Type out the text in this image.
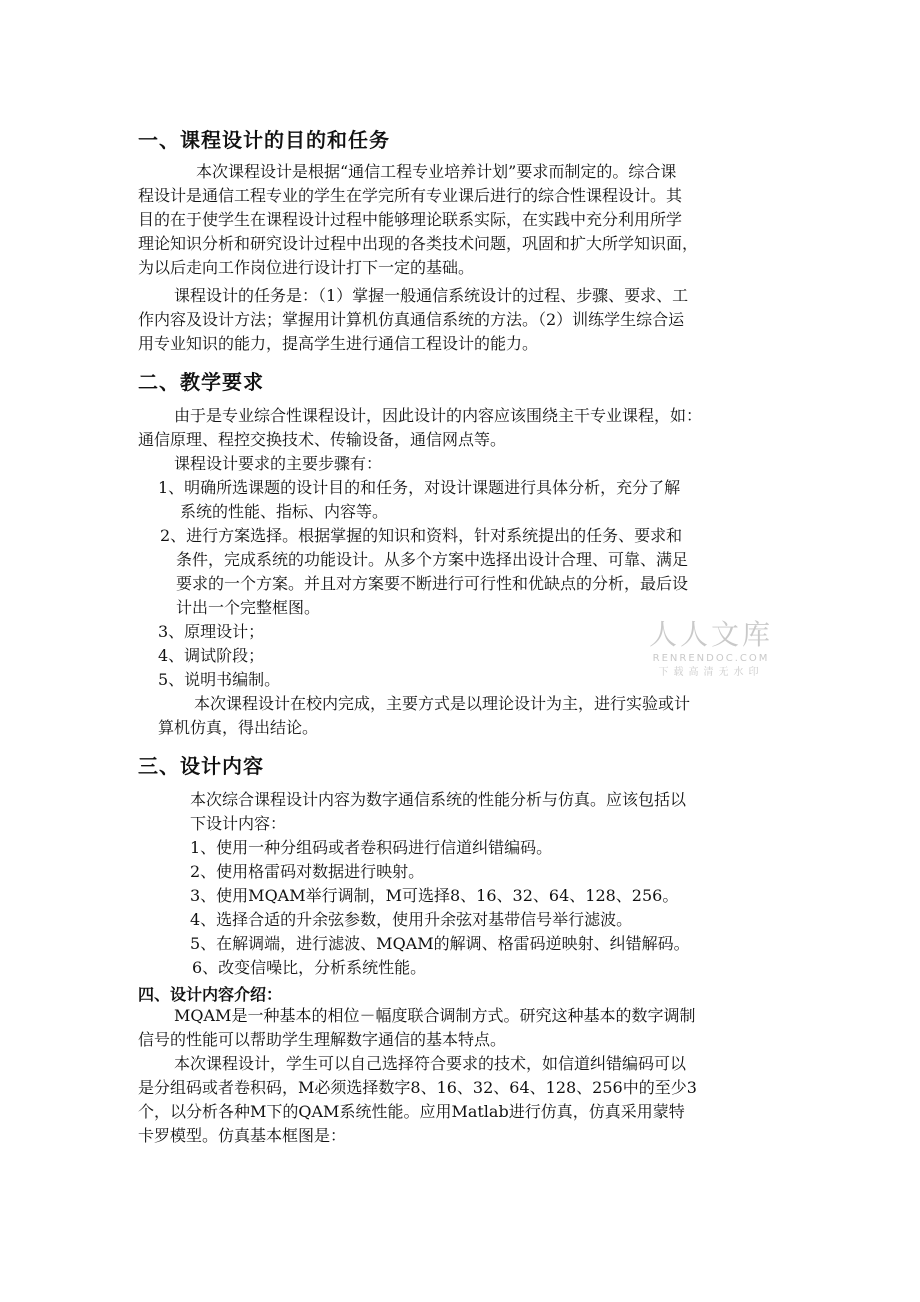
一、课程设计的目的和任务
本次课程设计是根据“通信工程专业培养计划”要求而制定的。综合课
程设计是通信工程专业的学生在学完所有专业课后进行的综合性课程设计。其
目的在于使学生在课程设计过程中能够理论联系实际，在实践中充分利用所学
理论知识分析和研究设计过程中出现的各类技术问题，巩固和扩大所学知识面，
为以后走向工作岗位进行设计打下一定的基础。
课程设计的任务是：（1）掌握一般通信系统设计的过程、步骤、要求、工
作内容及设计方法；掌握用计算机仿真通信系统的方法。（2）训练学生综合运
用专业知识的能力，提高学生进行通信工程设计的能力。
二、教学要求
由于是专业综合性课程设计，因此设计的内容应该围绕主干专业课程，如：
通信原理、程控交换技术、传输设备，通信网点等。
课程设计要求的主要步骤有：
1、明确所选课题的设计目的和任务，对设计课题进行具体分析，充分了解
系统的性能、指标、内容等。
2、进行方案选择。根据掌握的知识和资料，针对系统提出的任务、要求和
条件，完成系统的功能设计。从多个方案中选择出设计合理、可靠、满足
要求的一个方案。并且对方案要不断进行可行性和优缺点的分析，最后设
计出一个完整框图。
3、原理设计；
4、调试阶段；
5、说明书编制。
本次课程设计在校内完成，主要方式是以理论设计为主，进行实验或计
算机仿真，得出结论。
三、设计内容
本次综合课程设计内容为数字通信系统的性能分析与仿真。应该包括以
下设计内容：
1、使用一种分组码或者卷积码进行信道纠错编码。
2、使用格雷码对数据进行映射。
3、使用MQAM举行调制，M可选择8、16、32、64、128、256。
4、选择合适的升余弦参数，使用升余弦对基带信号举行滤波。
5、在解调端，进行滤波、MQAM的解调、格雷码逆映射、纠错解码。
6、改变信噪比，分析系统性能。
四、设计内容介绍：
MQAM是一种基本的相位－幅度联合调制方式。研究这种基本的数字调制
信号的性能可以帮助学生理解数字通信的基本特点。
本次课程设计，学生可以自己选择符合要求的技术，如信道纠错编码可以
是分组码或者卷积码，M必须选择数字8、16、32、64、128、256中的至少3
个，以分析各种M下的QAM系统性能。应用Matlab进行仿真，仿真采用蒙特
卡罗模型。仿真基本框图是：
人人文库
RENRENDOC.COM
下载高清无水印
